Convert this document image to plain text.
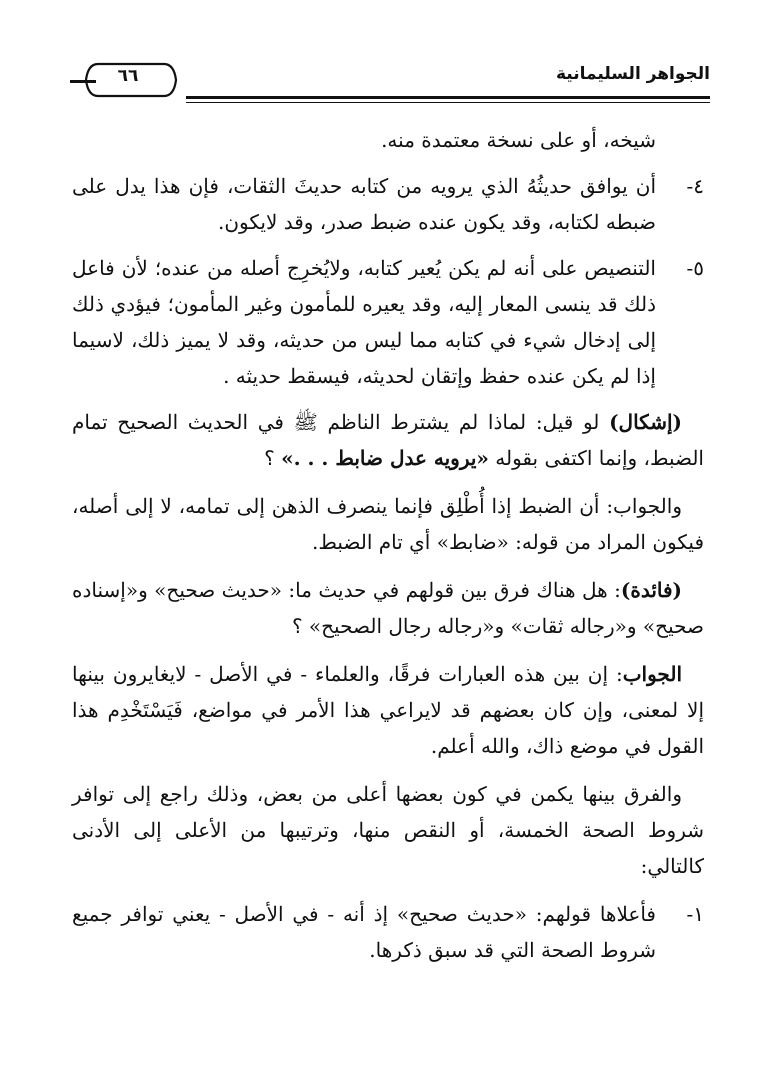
٦٦	الجواهر السليمانية

شيخه، أو على نسخة معتمدة منه.

٤-
أن يوافق حديثُهُ الذي يرويه من كتابه حديثَ الثقات، فإن هذا يدل على ضبطه لكتابه، وقد يكون عنده ضبط صدر، وقد لايكون.
٥-
التنصيص على أنه لم يكن يُعير كتابه، ولايُخرِج أصله من عنده؛ لأن فاعل ذلك قد ينسى المعار إليه، وقد يعيره للمأمون وغير المأمون؛ فيؤدي ذلك إلى إدخال شيء في كتابه مما ليس من حديثه، وقد لا يميز ذلك، لاسيما إذا لم يكن عنده حفظ وإتقان لحديثه، فيسقط حديثه .

(إشكال) لو قيل: لماذا لم يشترط الناظم ﷺ في الحديث الصحيح تمام الضبط، وإنما اكتفى بقوله «يرويه عدل ضابط . . .» ؟

والجواب: أن الضبط إذا أُطْلِق فإنما ينصرف الذهن إلى تمامه، لا إلى أصله، فيكون المراد من قوله: «ضابط» أي تام الضبط.

(فائدة): هل هناك فرق بين قولهم في حديث ما: «حديث صحيح» و«إسناده صحيح» و«رجاله ثقات» و«رجاله رجال الصحيح» ؟

الجواب: إن بين هذه العبارات فرقًا، والعلماء - في الأصل - لايغايرون بينها إلا لمعنى، وإن كان بعضهم قد لايراعي هذا الأمر في مواضع، فَيَسْتَخْدِم هذا القول في موضع ذاك، والله أعلم.

والفرق بينها يكمن في كون بعضها أعلى من بعض، وذلك راجع إلى توافر شروط الصحة الخمسة، أو النقص منها، وترتيبها من الأعلى إلى الأدنى كالتالي:

١-
فأعلاها قولهم: «حديث صحيح» إذ أنه - في الأصل - يعني توافر جميع شروط الصحة التي قد سبق ذكرها.
